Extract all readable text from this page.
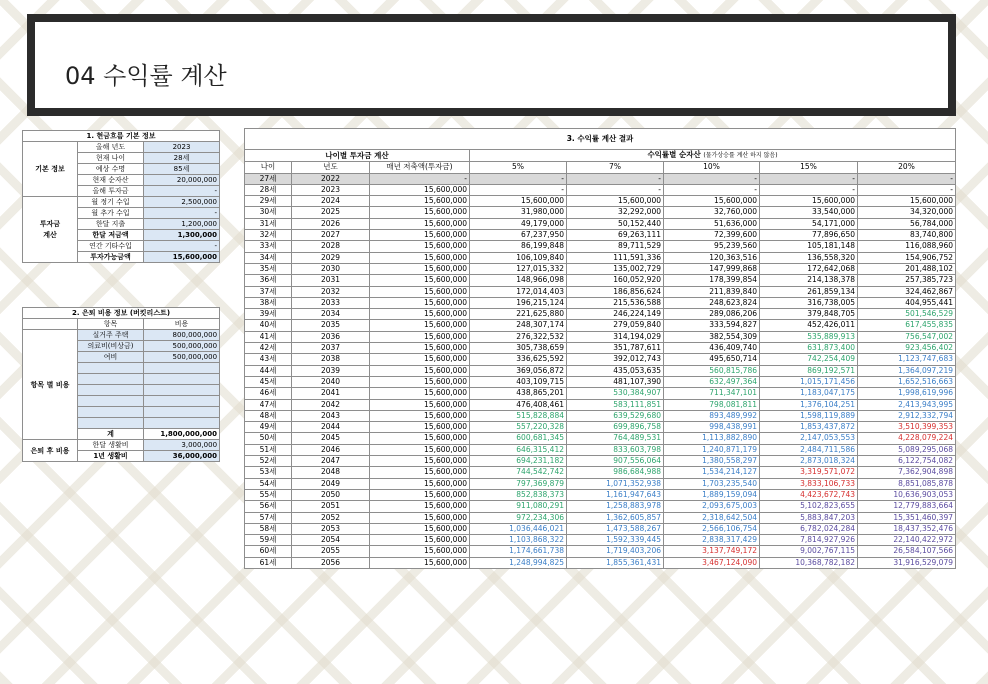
04 수익률 계산
1. 현금흐름 기본 정보		
기본 정보	올해 년도	2023
	현재 나이	28세
	예상 수명	85세
	현재 순자산	20,000,000
	올해 투자금	-
투자금
계산	월 정기 수입	2,500,000
	월 추가 수입	-
	한달 지출	1,200,000
	한달 저금액	1,300,000
	연간 기타수입	-
	투자가능금액	15,600,000
2. 은퇴 비용 정보 (버킷리스트)		
	항목	비용
항목 별 비용	실거주 주택	800,000,000
	의료비(비상금)	500,000,000
	여비	500,000,000

	계	1,800,000,000
은퇴 후 비용	한달 생활비	3,000,000
	1년 생활비	36,000,000
3. 수익률 계산 결과							
나이별 투자금 계산			수익률별 순자산 (물가상승률 계산 하지 않음)				
나이	년도	매년 저축액(투자금)	5%	7%	10%	15%	20%
27세	2022	-	-	-	-	-	-
28세	2023	15,600,000	-	-	-	-	-
29세	2024	15,600,000	15,600,000	15,600,000	15,600,000	15,600,000	15,600,000
30세	2025	15,600,000	31,980,000	32,292,000	32,760,000	33,540,000	34,320,000
31세	2026	15,600,000	49,179,000	50,152,440	51,636,000	54,171,000	56,784,000
32세	2027	15,600,000	67,237,950	69,263,111	72,399,600	77,896,650	83,740,800
33세	2028	15,600,000	86,199,848	89,711,529	95,239,560	105,181,148	116,088,960
34세	2029	15,600,000	106,109,840	111,591,336	120,363,516	136,558,320	154,906,752
35세	2030	15,600,000	127,015,332	135,002,729	147,999,868	172,642,068	201,488,102
36세	2031	15,600,000	148,966,098	160,052,920	178,399,854	214,138,378	257,385,723
37세	2032	15,600,000	172,014,403	186,856,624	211,839,840	261,859,134	324,462,867
38세	2033	15,600,000	196,215,124	215,536,588	248,623,824	316,738,005	404,955,441
39세	2034	15,600,000	221,625,880	246,224,149	289,086,206	379,848,705	501,546,529
40세	2035	15,600,000	248,307,174	279,059,840	333,594,827	452,426,011	617,455,835
41세	2036	15,600,000	276,322,532	314,194,029	382,554,309	535,889,913	756,547,002
42세	2037	15,600,000	305,738,659	351,787,611	436,409,740	631,873,400	923,456,402
43세	2038	15,600,000	336,625,592	392,012,743	495,650,714	742,254,409	1,123,747,683
44세	2039	15,600,000	369,056,872	435,053,635	560,815,786	869,192,571	1,364,097,219
45세	2040	15,600,000	403,109,715	481,107,390	632,497,364	1,015,171,456	1,652,516,663
46세	2041	15,600,000	438,865,201	530,384,907	711,347,101	1,183,047,175	1,998,619,996
47세	2042	15,600,000	476,408,461	583,111,851	798,081,811	1,376,104,251	2,413,943,995
48세	2043	15,600,000	515,828,884	639,529,680	893,489,992	1,598,119,889	2,912,332,794
49세	2044	15,600,000	557,220,328	699,896,758	998,438,991	1,853,437,872	3,510,399,353
50세	2045	15,600,000	600,681,345	764,489,531	1,113,882,890	2,147,053,553	4,228,079,224
51세	2046	15,600,000	646,315,412	833,603,798	1,240,871,179	2,484,711,586	5,089,295,068
52세	2047	15,600,000	694,231,182	907,556,064	1,380,558,297	2,873,018,324	6,122,754,082
53세	2048	15,600,000	744,542,742	986,684,988	1,534,214,127	3,319,571,072	7,362,904,898
54세	2049	15,600,000	797,369,879	1,071,352,938	1,703,235,540	3,833,106,733	8,851,085,878
55세	2050	15,600,000	852,838,373	1,161,947,643	1,889,159,094	4,423,672,743	10,636,903,053
56세	2051	15,600,000	911,080,291	1,258,883,978	2,093,675,003	5,102,823,655	12,779,883,664
57세	2052	15,600,000	972,234,306	1,362,605,857	2,318,642,504	5,883,847,203	15,351,460,397
58세	2053	15,600,000	1,036,446,021	1,473,588,267	2,566,106,754	6,782,024,284	18,437,352,476
59세	2054	15,600,000	1,103,868,322	1,592,339,445	2,838,317,429	7,814,927,926	22,140,422,972
60세	2055	15,600,000	1,174,661,738	1,719,403,206	3,137,749,172	9,002,767,115	26,584,107,566
61세	2056	15,600,000	1,248,994,825	1,855,361,431	3,467,124,090	10,368,782,182	31,916,529,079
